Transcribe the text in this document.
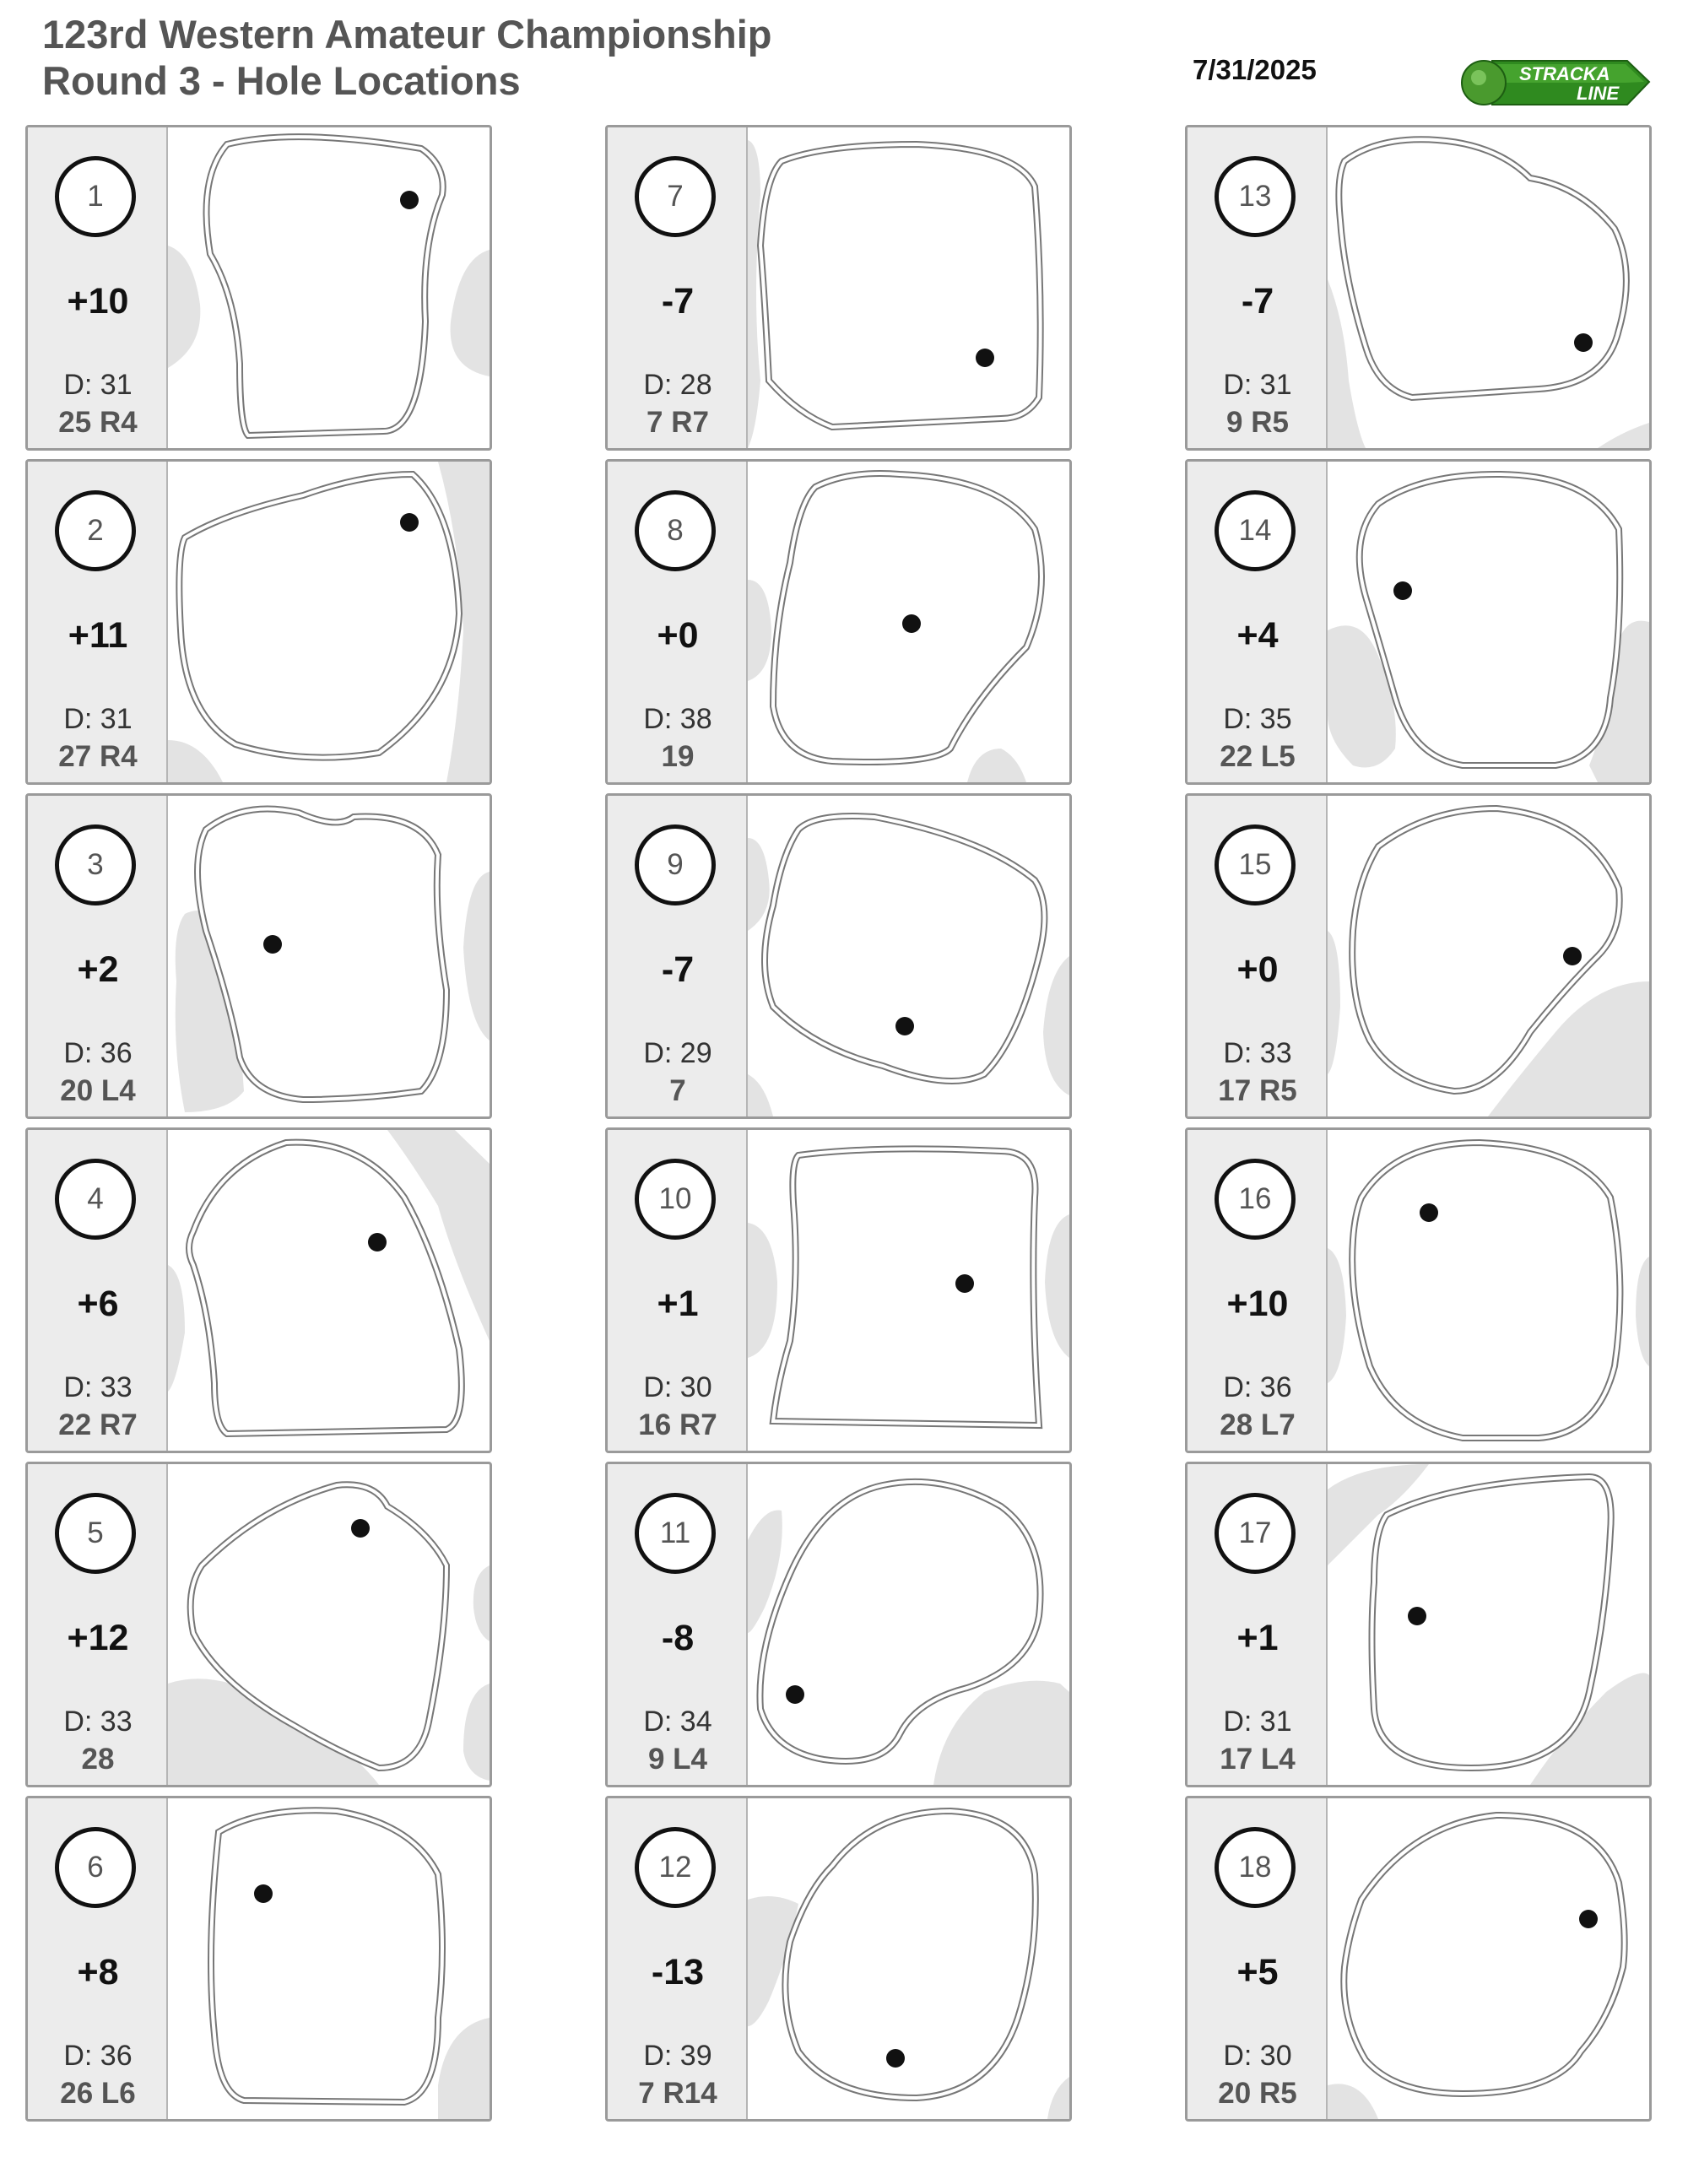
123rd Western Amateur Championship
Round 3 - Hole Locations	7/31/2025	STRACKA
LINE
1
+10
D: 31
25 R4
2
+11
D: 31
27 R4
3
+2
D: 36
20 L4
4
+6
D: 33
22 R7
5
+12
D: 33
28
6
+8
D: 36
26 L6
7
-7
D: 28
7 R7
8
+0
D: 38
19
9
-7
D: 29
7
10
+1
D: 30
16 R7
11
-8
D: 34
9 L4
12
-13
D: 39
7 R14
13
-7
D: 31
9 R5
14
+4
D: 35
22 L5
15
+0
D: 33
17 R5
16
+10
D: 36
28 L7
17
+1
D: 31
17 L4
18
+5
D: 30
20 R5
